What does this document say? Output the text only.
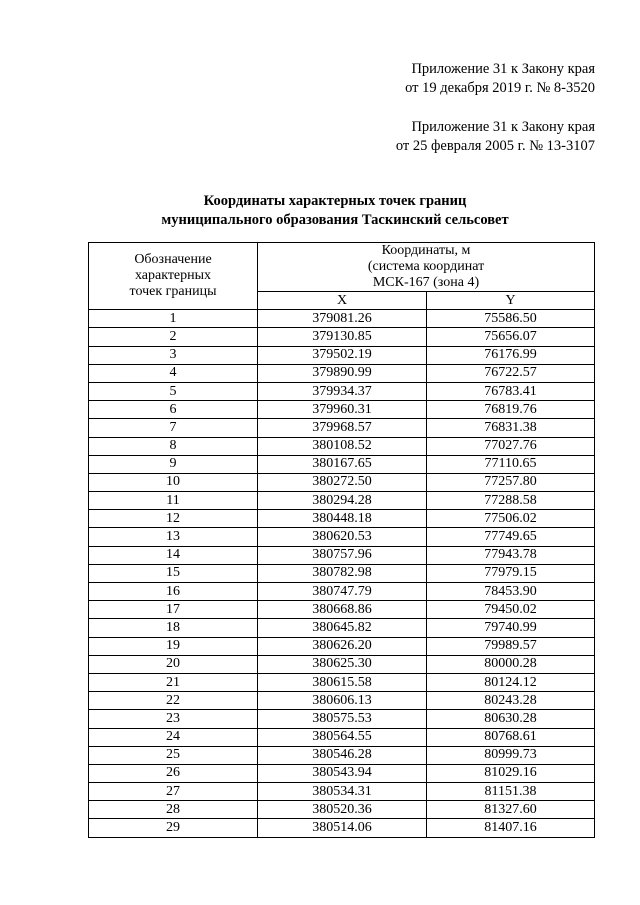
Приложение 31 к Закону края
от 19 декабря 2019 г. № 8-3520
Приложение 31 к Закону края
от 25 февраля 2005 г. № 13-3107
Координаты характерных точек границ
муниципального образования Таскинский сельсовет
Обозначение
характерных
точек границы	Координаты, м
(система координат
МСК-167 (зона 4)	

	X	Y
1	379081.26	75586.50
2	379130.85	75656.07
3	379502.19	76176.99
4	379890.99	76722.57
5	379934.37	76783.41
6	379960.31	76819.76
7	379968.57	76831.38
8	380108.52	77027.76
9	380167.65	77110.65
10	380272.50	77257.80
11	380294.28	77288.58
12	380448.18	77506.02
13	380620.53	77749.65
14	380757.96	77943.78
15	380782.98	77979.15
16	380747.79	78453.90
17	380668.86	79450.02
18	380645.82	79740.99
19	380626.20	79989.57
20	380625.30	80000.28
21	380615.58	80124.12
22	380606.13	80243.28
23	380575.53	80630.28
24	380564.55	80768.61
25	380546.28	80999.73
26	380543.94	81029.16
27	380534.31	81151.38
28	380520.36	81327.60
29	380514.06	81407.16
